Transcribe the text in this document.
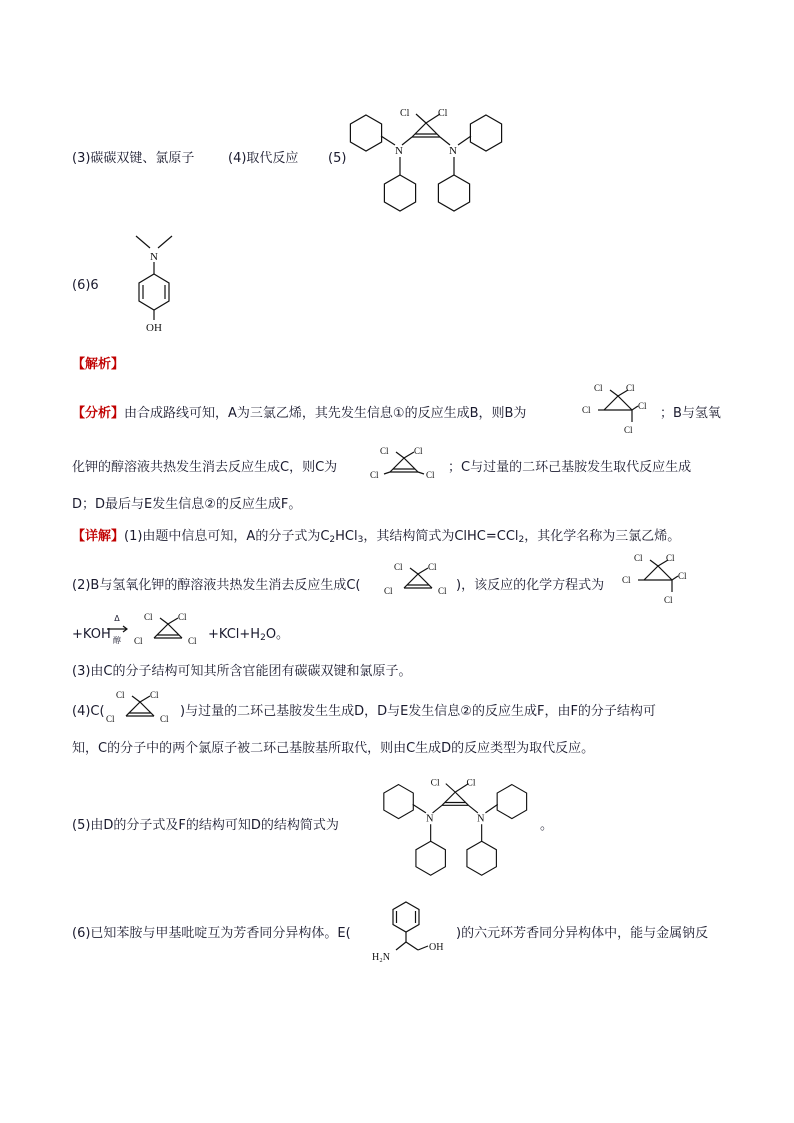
(3)碳碳双键、氯原子	(4)取代反应 (5)
Cl	Cl
N	N
(6)6
N
OH
【解析】
【分析】由合成路线可知，A为三氯乙烯，其先发生信息①的反应生成B，则B为
Cl	Cl
Cl	Cl
Cl
；B与氢氧
化钾的醇溶液共热发生消去反应生成C，则C为
Cl	Cl
Cl	Cl ；C与过量的二环己基胺发生取代反应生成
D；D最后与E发生信息②的反应生成F。
【详解】(1)由题中信息可知，A的分子式为$C_2HCl_3$，其结构简式为ClHC=CCl$_2$，其化学名称为三氯乙烯。
(2)B与氢氧化钾的醇溶液共热发生消去反应生成C(
Cl	Cl
Cl	Cl )，该反应的化学方程式为
Cl	Cl
Cl	Cl
Cl
+KOH
Δ
醇
Cl	Cl
Cl	$Cl +KCl+H_2O$。
(3)由C的分子结构可知其所含官能团有碳碳双键和氯原子。
(4)C(
Cl	Cl
Cl	Cl )与过量的二环己基胺发生生成D，D与E发生信息②的反应生成F，由F的分子结构可
知，C的分子中的两个氯原子被二环己基胺基所取代，则由C生成D的反应类型为取代反应。
(5)由D的分子式及F的结构可知D的结构简式为
Cl	Cl
N	N	。
(6)已知苯胺与甲基吡啶互为芳香同分异构体。E(
H₂N
OH
)的六元环芳香同分异构体中，能与金属钠反
